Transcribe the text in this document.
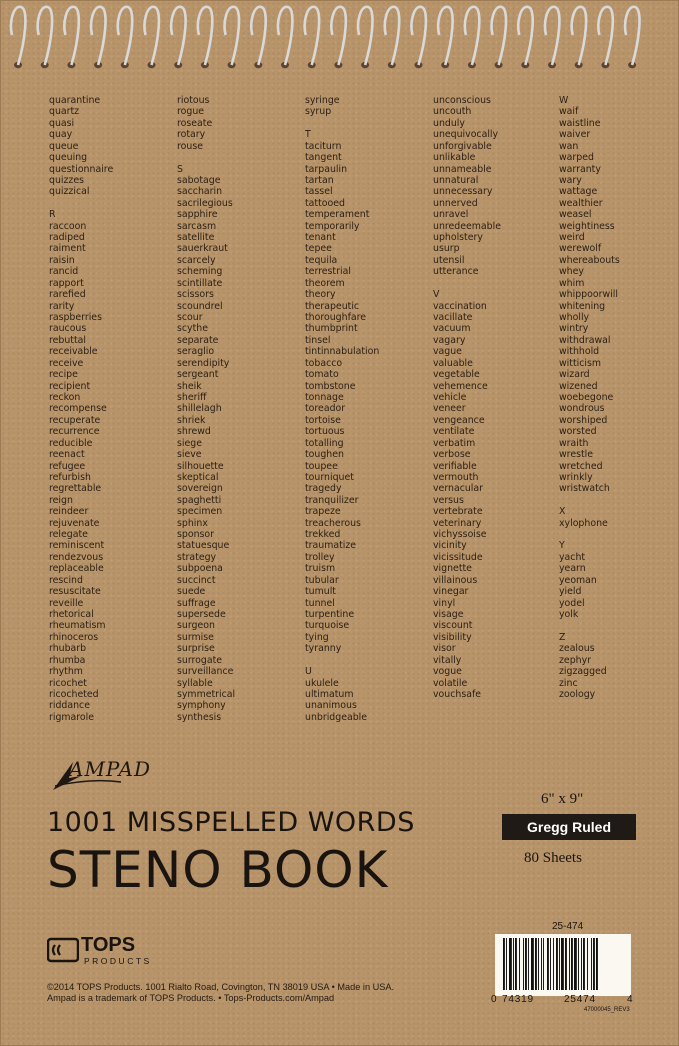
quarantine
quartz
quasi
quay
queue
queuing
questionnaire
quizzes
quizzical
R
raccoon
radiped
raiment
raisin
rancid
rapport
rarefied
rarity
raspberries
raucous
rebuttal
receivable
receive
recipe
recipient
reckon
recompense
recuperate
recurrence
reducible
reenact
refugee
refurbish
regrettable
reign
reindeer
rejuvenate
relegate
reminiscent
rendezvous
replaceable
rescind
resuscitate
reveille
rhetorical
rheumatism
rhinoceros
rhubarb
rhumba
rhythm
ricochet
ricocheted
riddance
rigmarole
riotous
rogue
roseate
rotary
rouse
S
sabotage
saccharin
sacrilegious
sapphire
sarcasm
satellite
sauerkraut
scarcely
scheming
scintillate
scissors
scoundrel
scour
scythe
separate
seraglio
serendipity
sergeant
sheik
sheriff
shillelagh
shriek
shrewd
siege
sieve
silhouette
skeptical
sovereign
spaghetti
specimen
sphinx
sponsor
statuesque
strategy
subpoena
succinct
suede
suffrage
supersede
surgeon
surmise
surprise
surrogate
surveillance
syllable
symmetrical
symphony
synthesis
syringe
syrup
T
taciturn
tangent
tarpaulin
tartan
tassel
tattooed
temperament
temporarily
tenant
tepee
tequila
terrestrial
theorem
theory
therapeutic
thoroughfare
thumbprint
tinsel
tintinnabulation
tobacco
tomato
tombstone
tonnage
toreador
tortoise
tortuous
totalling
toughen
toupee
tourniquet
tragedy
tranquilizer
trapeze
treacherous
trekked
traumatize
trolley
truism
tubular
tumult
tunnel
turpentine
turquoise
tying
tyranny
U
ukulele
ultimatum
unanimous
unbridgeable
unconscious
uncouth
unduly
unequivocally
unforgivable
unlikable
unnameable
unnatural
unnecessary
unnerved
unravel
unredeemable
upholstery
usurp
utensil
utterance
V
vaccination
vacillate
vacuum
vagary
vague
valuable
vegetable
vehemence
vehicle
veneer
vengeance
ventilate
verbatim
verbose
verifiable
vermouth
vernacular
versus
vertebrate
veterinary
vichyssoise
vicinity
vicissitude
vignette
villainous
vinegar
vinyl
visage
viscount
visibility
visor
vitally
vogue
volatile
vouchsafe
W
waif
waistline
waiver
wan
warped
warranty
wary
wattage
wealthier
weasel
weightiness
weird
werewolf
whereabouts
whey
whim
whippoorwill
whitening
wholly
wintry
withdrawal
withhold
witticism
wizard
wizened
woebegone
wondrous
worshiped
worsted
wraith
wrestle
wretched
wrinkly
wristwatch
X
xylophone
Y
yacht
yearn
yeoman
yield
yodel
yolk
Z
zealous
zephyr
zigzagged
zinc
zoology
AMPAD
1001 MISSPELLED WORDS
STENO BOOK
6" x 9"
Gregg Ruled
80 Sheets
TOPS
PRODUCTS
©2014 TOPS Products. 1001 Rialto Road, Covington, TN 38019 USA • Made in USA.
Ampad is a trademark of TOPS Products. • Tops-Products.com/Ampad
25-474
0 74319	25474	4
47000045_REV3
